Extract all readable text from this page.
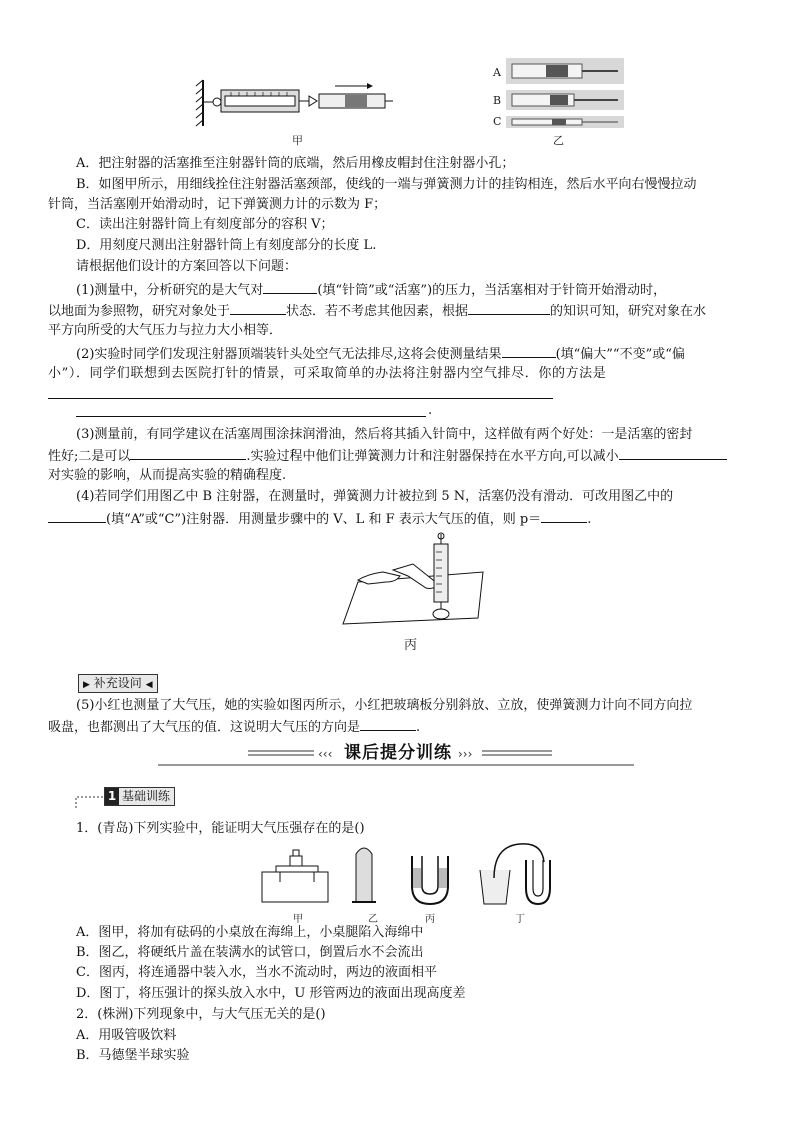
甲
A
B
C
乙
A．把注射器的活塞推至注射器针筒的底端，然后用橡皮帽封住注射器小孔；
B．如图甲所示，用细线拴住注射器活塞颈部，使线的一端与弹簧测力计的挂钩相连，然后水平向右慢慢拉动
针筒，当活塞刚开始滑动时，记下弹簧测力计的示数为 F；
C．读出注射器针筒上有刻度部分的容积 V；
D．用刻度尺测出注射器针筒上有刻度部分的长度 L.
请根据他们设计的方案回答以下问题：
(1)测量中，分析研究的是大气对	(填“针筒”或“活塞”)的压力，当活塞相对于针筒开始滑动时，
以地面为参照物，研究对象处于	状态．若不考虑其他因素，根据	的知识可知，研究对象在水
平方向所受的大气压力与拉力大小相等．
(2)实验时同学们发现注射器顶端装针头处空气无法排尽,这将会使测量结果	(填“偏大”“不变”或“偏
小”）．同学们联想到去医院打针的情景，可采取简单的办法将注射器内空气排尽．你的方法是
.
(3)测量前，有同学建议在活塞周围涂抹润滑油，然后将其插入针筒中，这样做有两个好处：一是活塞的密封
性好;二是可以	.实验过程中他们让弹簧测力计和注射器保持在水平方向,可以减小
对实验的影响，从而提高实验的精确程度.
(4)若同学们用图乙中 B 注射器，在测量时，弹簧测力计被拉到 5 N，活塞仍没有滑动．可改用图乙中的
(填“A”或“C”)注射器．用测量步骤中的 V、L 和 F 表示大气压的值，则 p＝	.
丙
▶ 补充设问 ◀
(5)小红也测量了大气压，她的实验如图丙所示，小红把玻璃板分别斜放、立放，使弹簧测力计向不同方向拉
吸盘，也都测出了大气压的值．这说明大气压的方向是	.
‹‹‹	›››
课后提分训练
1 基础训练
1．(青岛)下列实验中，能证明大气压强存在的是()
甲	乙	丙	丁
A．图甲，将加有砝码的小桌放在海绵上，小桌腿陷入海绵中
B．图乙，将硬纸片盖在装满水的试管口，倒置后水不会流出
C．图丙，将连通器中装入水，当水不流动时，两边的液面相平
D．图丁，将压强计的探头放入水中，U 形管两边的液面出现高度差
2．(株洲)下列现象中，与大气压无关的是()
A．用吸管吸饮料
B．马德堡半球实验
